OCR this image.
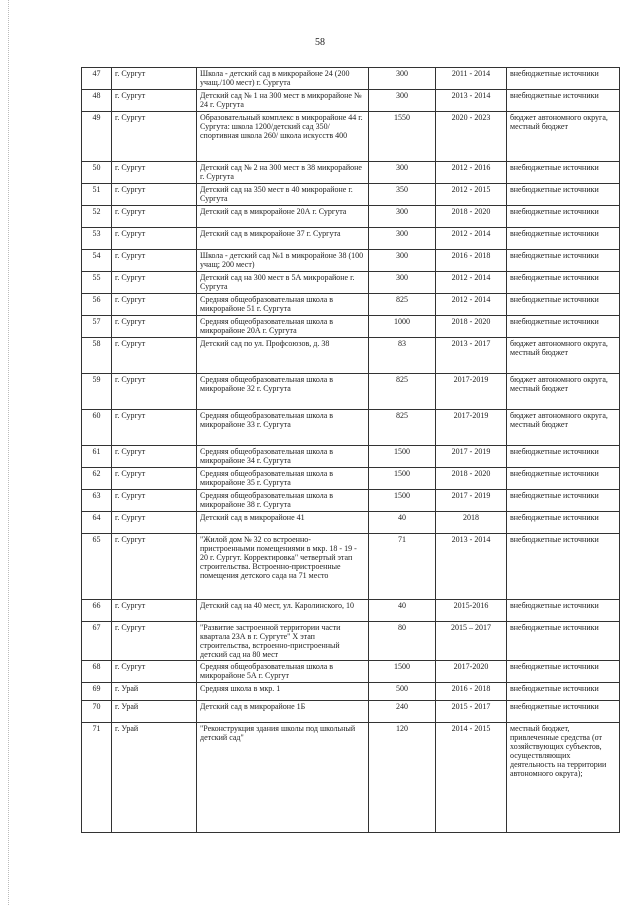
58
47	г. Сургут	Школа - детский сад в микрорайоне 24 (200 учащ./100 мест) г. Сургута	300	2011 - 2014	внебюджетные источники
48	г. Сургут	Детский сад № 1 на 300 мест в микрорайоне № 24 г. Сургута	300	2013 - 2014	внебюджетные источники
49	г. Сургут	Образовательный комплекс в микрорайоне 44 г. Сургута: школа 1200/детский сад 350/спортивная школа 260/ школа искусств 400	1550	2020 - 2023	бюджет автономного округа, местный бюджет
50	г. Сургут	Детский сад № 2 на 300 мест в 38 микрорайоне г. Сургута	300	2012 - 2016	внебюджетные источники
51	г. Сургут	Детский сад на 350 мест в 40 микрорайоне г. Сургута	350	2012 - 2015	внебюджетные источники
52	г. Сургут	Детский сад в микрорайоне 20А г. Сургута	300	2018 - 2020	внебюджетные источники
53	г. Сургут	Детский сад в микрорайоне 37 г. Сургута	300	2012 - 2014	внебюджетные источники
54	г. Сургут	Школа - детский сад №1 в микрорайоне 38 (100 учащ; 200 мест)	300	2016 - 2018	внебюджетные источники
55	г. Сургут	Детский сад на 300 мест в 5А микрорайоне г. Сургута	300	2012 - 2014	внебюджетные источники
56	г. Сургут	Средняя общеобразовательная школа в микрорайоне 51 г. Сургута	825	2012 - 2014	внебюджетные источники
57	г. Сургут	Средняя общеобразовательная школа в микрорайоне 20А г. Сургута	1000	2018 - 2020	внебюджетные источники
58	г. Сургут	Детский сад по ул. Профсоюзов, д. 38	83	2013 - 2017	бюджет автономного округа, местный бюджет
59	г. Сургут	Средняя общеобразовательная школа в микрорайоне 32 г. Сургута	825	2017-2019	бюджет автономного округа, местный бюджет
60	г. Сургут	Средняя общеобразовательная школа в микрорайоне 33 г. Сургута	825	2017-2019	бюджет автономного округа, местный бюджет
61	г. Сургут	Средняя общеобразовательная школа в микрорайоне 34 г. Сургута	1500	2017 - 2019	внебюджетные источники
62	г. Сургут	Средняя общеобразовательная школа в микрорайоне 35 г. Сургута	1500	2018 - 2020	внебюджетные источники
63	г. Сургут	Средняя общеобразовательная школа в микрорайоне 38 г. Сургута	1500	2017 - 2019	внебюджетные источники
64	г. Сургут	Детский сад в микрорайоне 41	40	2018	внебюджетные источники
65	г. Сургут	"Жилой дом № 32 со встроенно-пристроенными помещениями в мкр. 18 - 19 - 20 г. Сургут. Корректировка" четвертый этап строительства. Встроенно-пристроенные помещения детского сада на 71 место	71	2013 - 2014	внебюджетные источники
66	г. Сургут	Детский сад на 40 мест, ул. Каролинского, 10	40	2015-2016	внебюджетные источники
67	г. Сургут	"Развитие застроенной территории части квартала 23А в г. Сургуте" X этап строительства, встроенно-пристроенный детский сад на 80 мест	80	2015 – 2017	внебюджетные источники
68	г. Сургут	Средняя общеобразовательная школа в микрорайоне 5А г. Сургут	1500	2017-2020	внебюджетные источники
69	г. Урай	Средняя школа в мкр. 1	500	2016 - 2018	внебюджетные источники
70	г. Урай	Детский сад в микрорайоне 1Б	240	2015 - 2017	внебюджетные источники
71	г. Урай	"Реконструкция здания школы под школьный детский сад"	120	2014 - 2015	местный бюджет, привлеченные средства (от хозяйствующих субъектов, осуществляющих деятельность на территории автономного округа);
